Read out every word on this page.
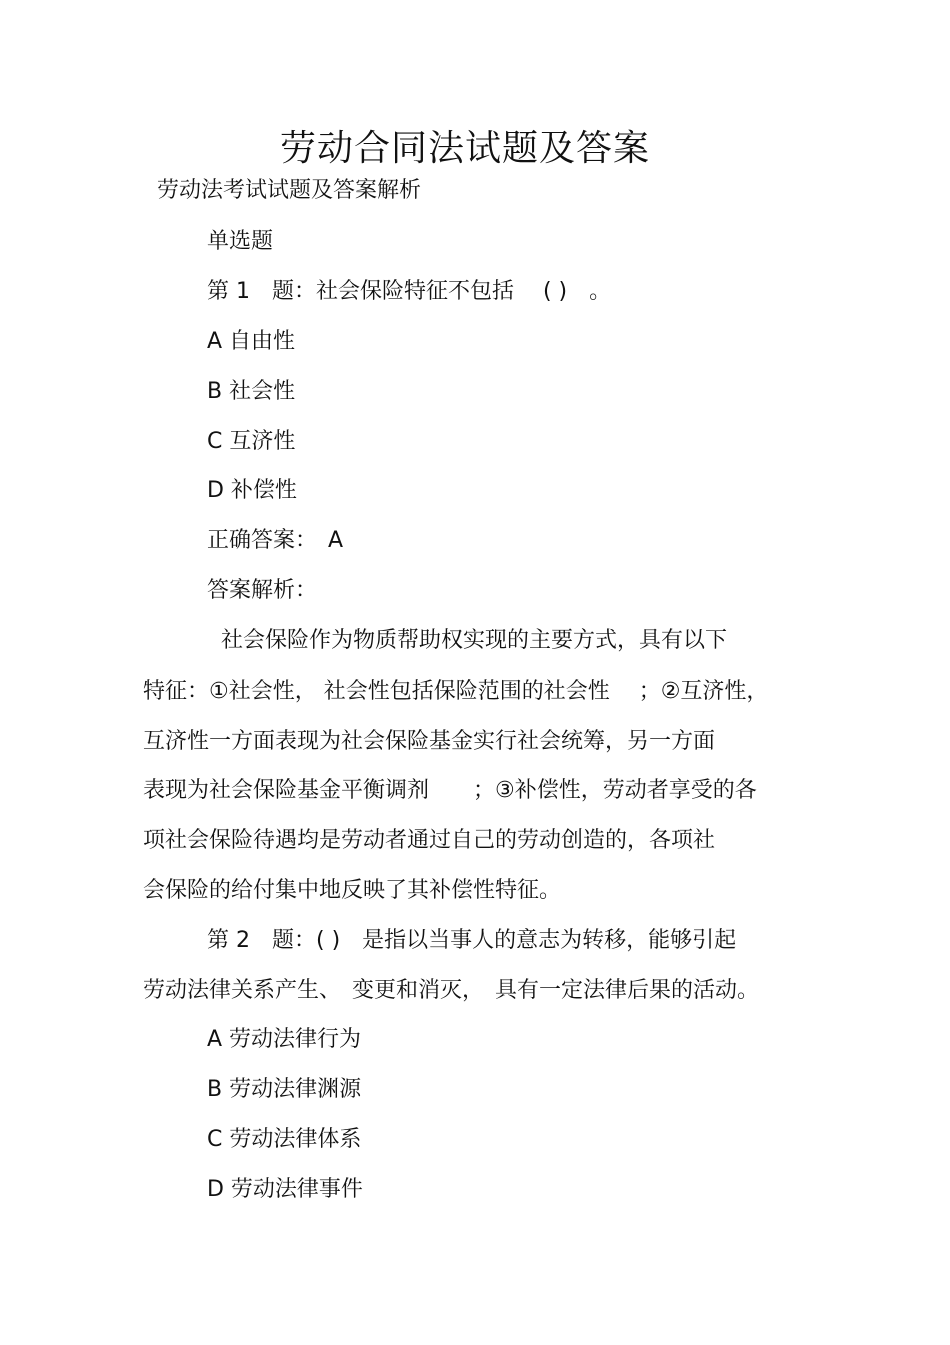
劳动合同法试题及答案
劳动法考试试题及答案解析
单选题
第 1　题：社会保险特征不包括　 ( )　。
A 自由性
B 社会性
C 互济性
D 补偿性
正确答案：　A
答案解析：
社会保险作为物质帮助权实现的主要方式，具有以下
特征：①社会性， 社会性包括保险范围的社会性　 ；②互济性，
互济性一方面表现为社会保险基金实行社会统筹，另一方面
表现为社会保险基金平衡调剂　　；③补偿性，劳动者享受的各
项社会保险待遇均是劳动者通过自己的劳动创造的，各项社
会保险的给付集中地反映了其补偿性特征。
第 2　题：( )　是指以当事人的意志为转移，能够引起
劳动法律关系产生、　变更和消灭，　具有一定法律后果的活动。
A 劳动法律行为
B 劳动法律渊源
C 劳动法律体系
D 劳动法律事件
